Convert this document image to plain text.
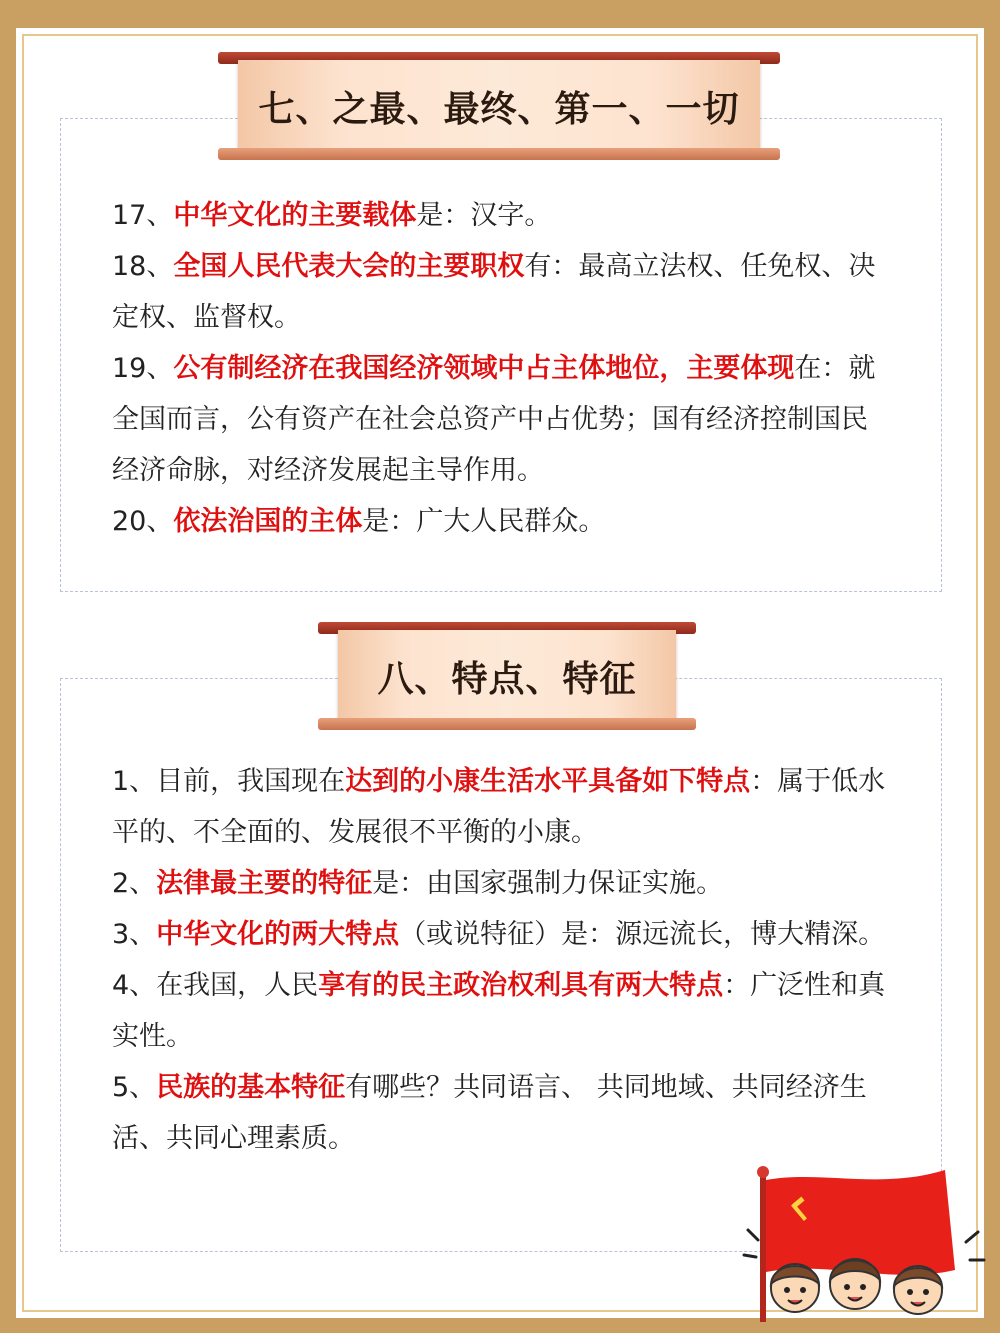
七、之最、最终、第一、一切

17、中华文化的主要载体是：汉字。

18、全国人民代表大会的主要职权有：最高立法权、任免权、决定权、监督权。

19、公有制经济在我国经济领域中占主体地位，主要体现在：就全国而言，公有资产在社会总资产中占优势；国有经济控制国民经济命脉，对经济发展起主导作用。

20、依法治国的主体是：广大人民群众。

八、特点、特征

1、目前，我国现在达到的小康生活水平具备如下特点：属于低水平的、不全面的、发展很不平衡的小康。

2、法律最主要的特征是：由国家强制力保证实施。

3、中华文化的两大特点（或说特征）是：源远流长，博大精深。

4、在我国，人民享有的民主政治权利具有两大特点：广泛性和真实性。

5、民族的基本特征有哪些？共同语言、 共同地域、共同经济生活、共同心理素质。
